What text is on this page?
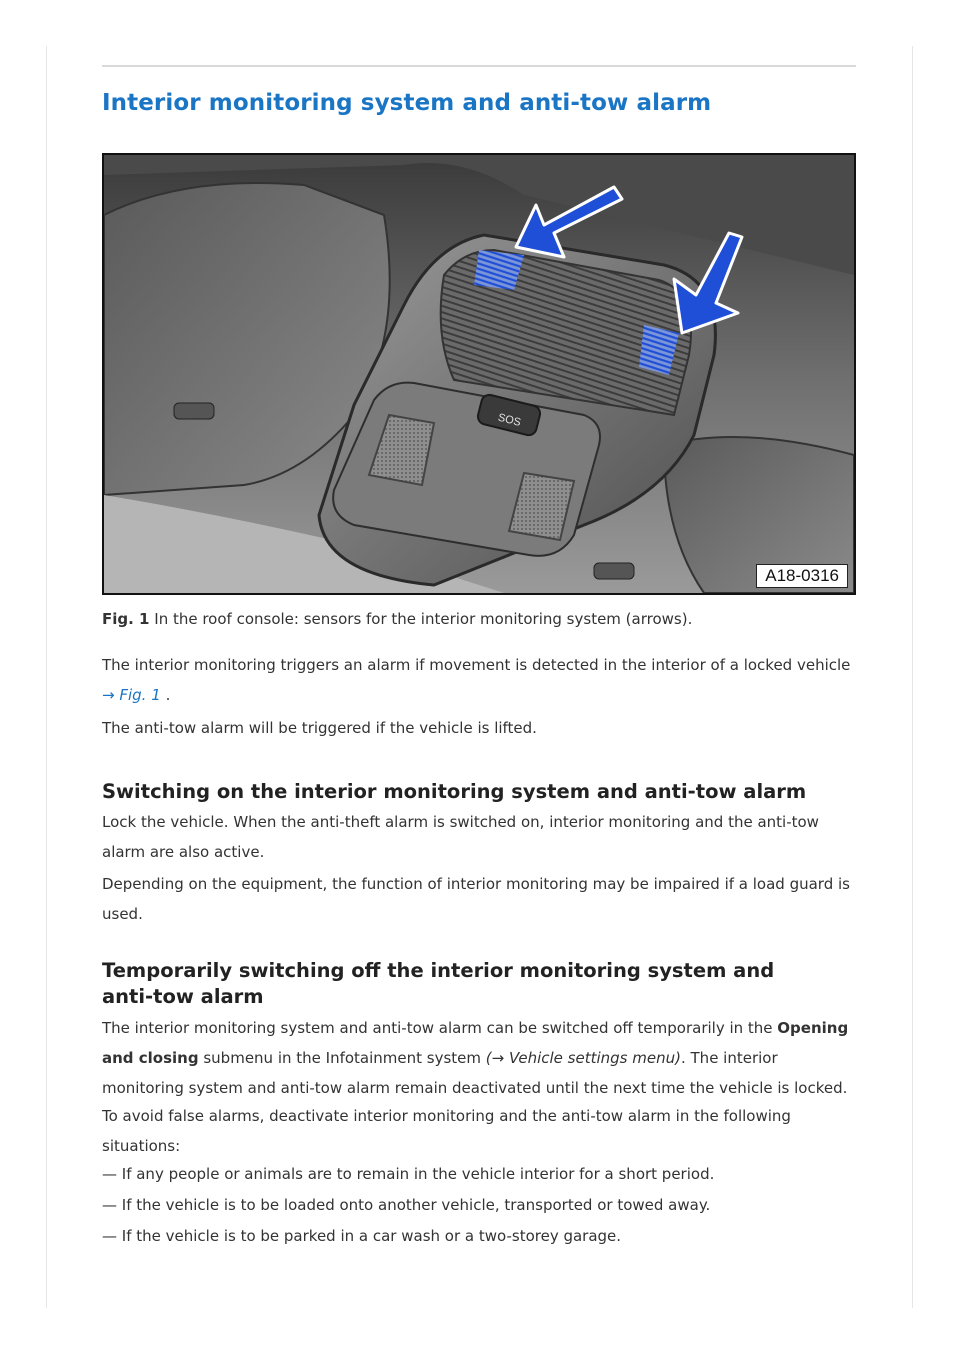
Interior monitoring system and anti-tow alarm
SOS
A18-0316

Fig. 1 In the roof console: sensors for the interior monitoring system (arrows).

The interior monitoring triggers an alarm if movement is detected in the interior of a locked vehicle
→ Fig. 1 .

The anti-tow alarm will be triggered if the vehicle is lifted.

Switching on the interior monitoring system and anti-tow alarm

Lock the vehicle. When the anti-theft alarm is switched on, interior monitoring and the anti-tow alarm are also active.

Depending on the equipment, the function of interior monitoring may be impaired if a load guard is used.

Temporarily switching off the interior monitoring system and anti-tow alarm

The interior monitoring system and anti-tow alarm can be switched off temporarily in the Opening and closing submenu in the Infotainment system (→ Vehicle settings menu). The interior monitoring system and anti-tow alarm remain deactivated until the next time the vehicle is locked.

To avoid false alarms, deactivate interior monitoring and the anti-tow alarm in the following situations:

— If any people or animals are to remain in the vehicle interior for a short period.

— If the vehicle is to be loaded onto another vehicle, transported or towed away.

— If the vehicle is to be parked in a car wash or a two-storey garage.
